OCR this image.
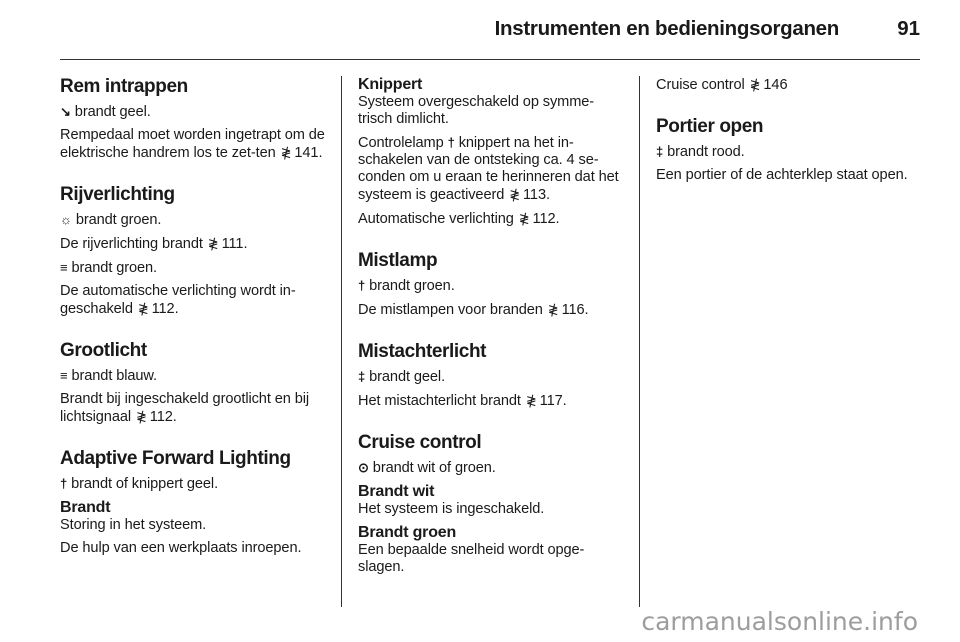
Instrumenten en bedieningsorganen	91

Rem intrappen

↘ brandt geel.

Rempedaal moet worden ingetrapt om de elektrische handrem los te zet-ten ≹ 141.

Rijverlichting

☼ brandt groen.

De rijverlichting brandt ≹ 111.

≡ brandt groen.

De automatische verlichting wordt in-geschakeld ≹ 112.

Grootlicht

≡ brandt blauw.

Brandt bij ingeschakeld grootlicht en bij lichtsignaal ≹ 112.

Adaptive Forward Lighting

† brandt of knippert geel.

Brandt

Storing in het systeem.

De hulp van een werkplaats inroepen.

Knippert

Systeem overgeschakeld op symme-trisch dimlicht.

Controlelamp † knippert na het in-schakelen van de ontsteking ca. 4 se-conden om u eraan te herinneren dat het systeem is geactiveerd ≹ 113.

Automatische verlichting ≹ 112.

Mistlamp

† brandt groen.

De mistlampen voor branden ≹ 116.

Mistachterlicht

‡ brandt geel.

Het mistachterlicht brandt ≹ 117.

Cruise control

⊙ brandt wit of groen.

Brandt wit

Het systeem is ingeschakeld.

Brandt groen

Een bepaalde snelheid wordt opge-slagen.

Cruise control ≹ 146

Portier open

‡ brandt rood.

Een portier of de achterklep staat open.

carmanualsonline.info
